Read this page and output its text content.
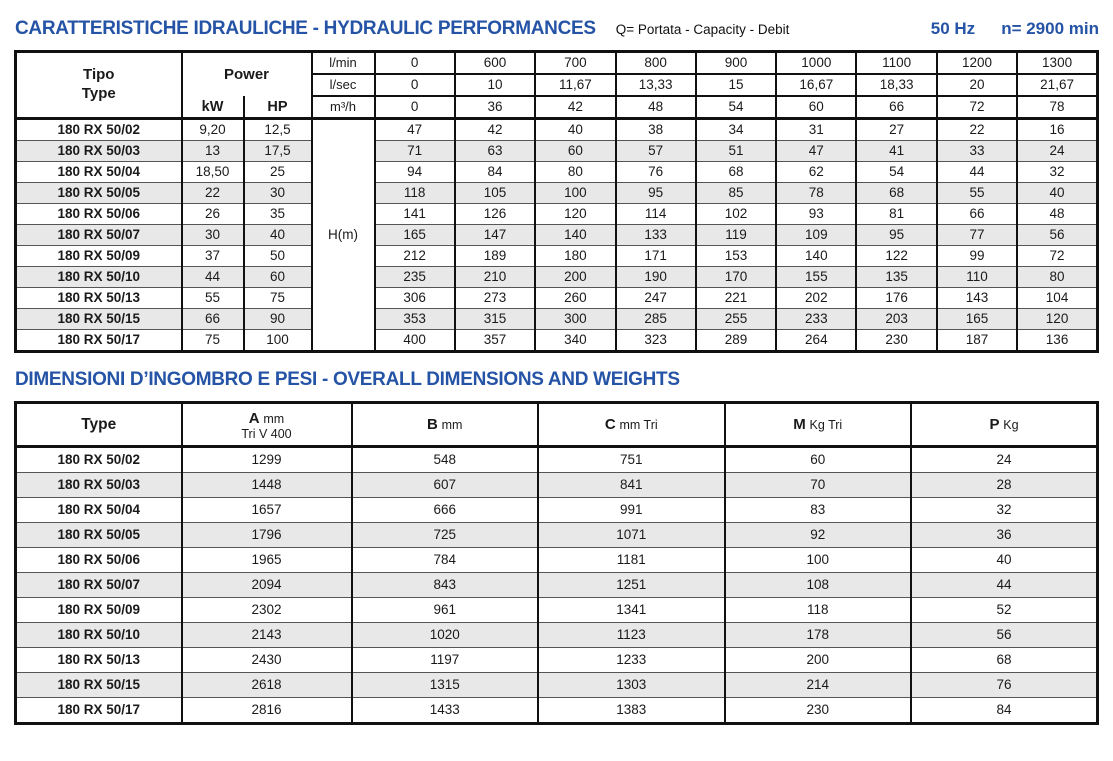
CARATTERISTICHE IDRAULICHE - HYDRAULIC PERFORMANCES Q= Portata - Capacity - Debit	50 Hz n= 2900 min
Tipo
Type	Power		l/min	0	600	700	800	900	1000	1100	1200	1300
			l/sec	0	10	11,67	13,33	15	16,67	18,33	20	21,67
	kW	HP	m³/h	0	36	42	48	54	60	66	72	78
180 RX 50/02	9,20	12,5	H(m)	47	42	40	38	34	31	27	22	16
180 RX 50/03	13	17,5		71	63	60	57	51	47	41	33	24
180 RX 50/04	18,50	25		94	84	80	76	68	62	54	44	32
180 RX 50/05	22	30		118	105	100	95	85	78	68	55	40
180 RX 50/06	26	35		141	126	120	114	102	93	81	66	48
180 RX 50/07	30	40		165	147	140	133	119	109	95	77	56
180 RX 50/09	37	50		212	189	180	171	153	140	122	99	72
180 RX 50/10	44	60		235	210	200	190	170	155	135	110	80
180 RX 50/13	55	75		306	273	260	247	221	202	176	143	104
180 RX 50/15	66	90		353	315	300	285	255	233	203	165	120
180 RX 50/17	75	100		400	357	340	323	289	264	230	187	136
DIMENSIONI D’INGOMBRO E PESI - OVERALL DIMENSIONS AND WEIGHTS
Type	A mm
Tri V 400	B mm	C mm Tri	M Kg Tri	P Kg
180 RX 50/02	1299	548	751	60	24
180 RX 50/03	1448	607	841	70	28
180 RX 50/04	1657	666	991	83	32
180 RX 50/05	1796	725	1071	92	36
180 RX 50/06	1965	784	1181	100	40
180 RX 50/07	2094	843	1251	108	44
180 RX 50/09	2302	961	1341	118	52
180 RX 50/10	2143	1020	1123	178	56
180 RX 50/13	2430	1197	1233	200	68
180 RX 50/15	2618	1315	1303	214	76
180 RX 50/17	2816	1433	1383	230	84
